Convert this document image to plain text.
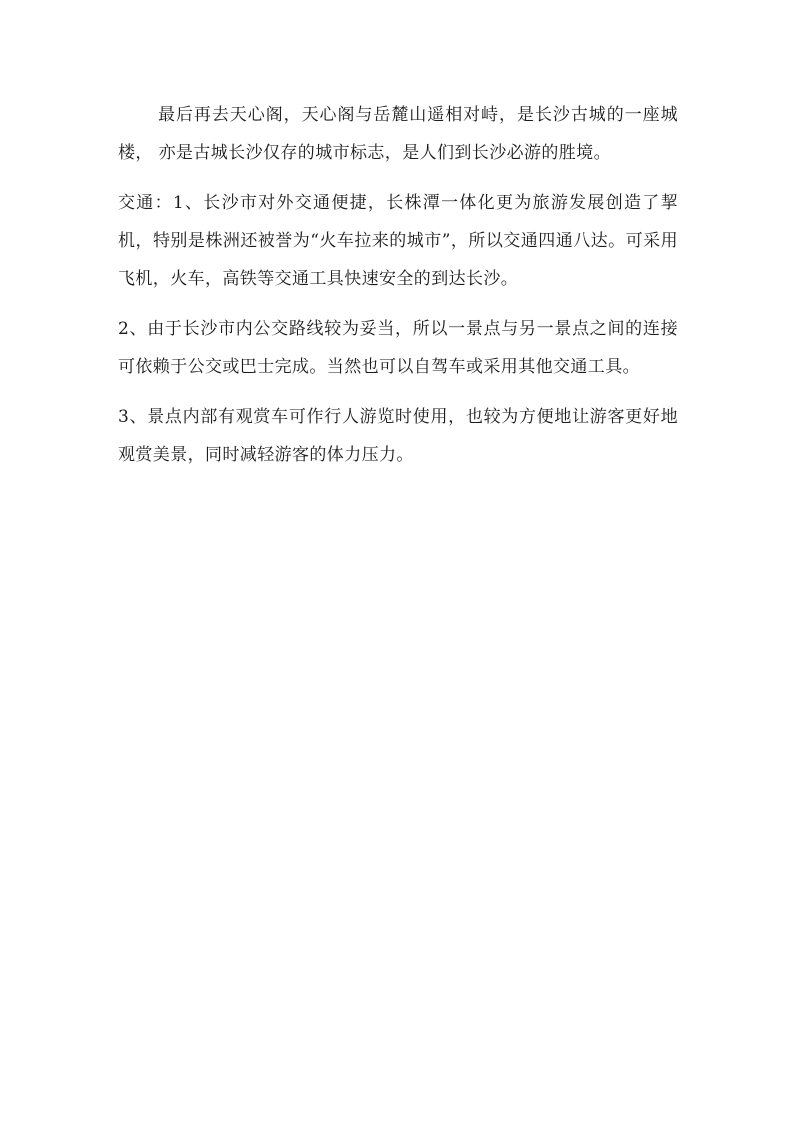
最后再去天心阁，天心阁与岳麓山遥相对峙，是长沙古城的一座城楼， 亦是古城长沙仅存的城市标志，是人们到长沙必游的胜境。

交通：1、长沙市对外交通便捷，长株潭一体化更为旅游发展创造了挈机，特别是株洲还被誉为“火车拉来的城市”，所以交通四通八达。可采用飞机，火车，高铁等交通工具快速安全的到达长沙。

2、由于长沙市内公交路线较为妥当，所以一景点与另一景点之间的连接可依赖于公交或巴士完成。当然也可以自驾车或采用其他交通工具。

3、景点内部有观赏车可作行人游览时使用，也较为方便地让游客更好地观赏美景，同时减轻游客的体力压力。
